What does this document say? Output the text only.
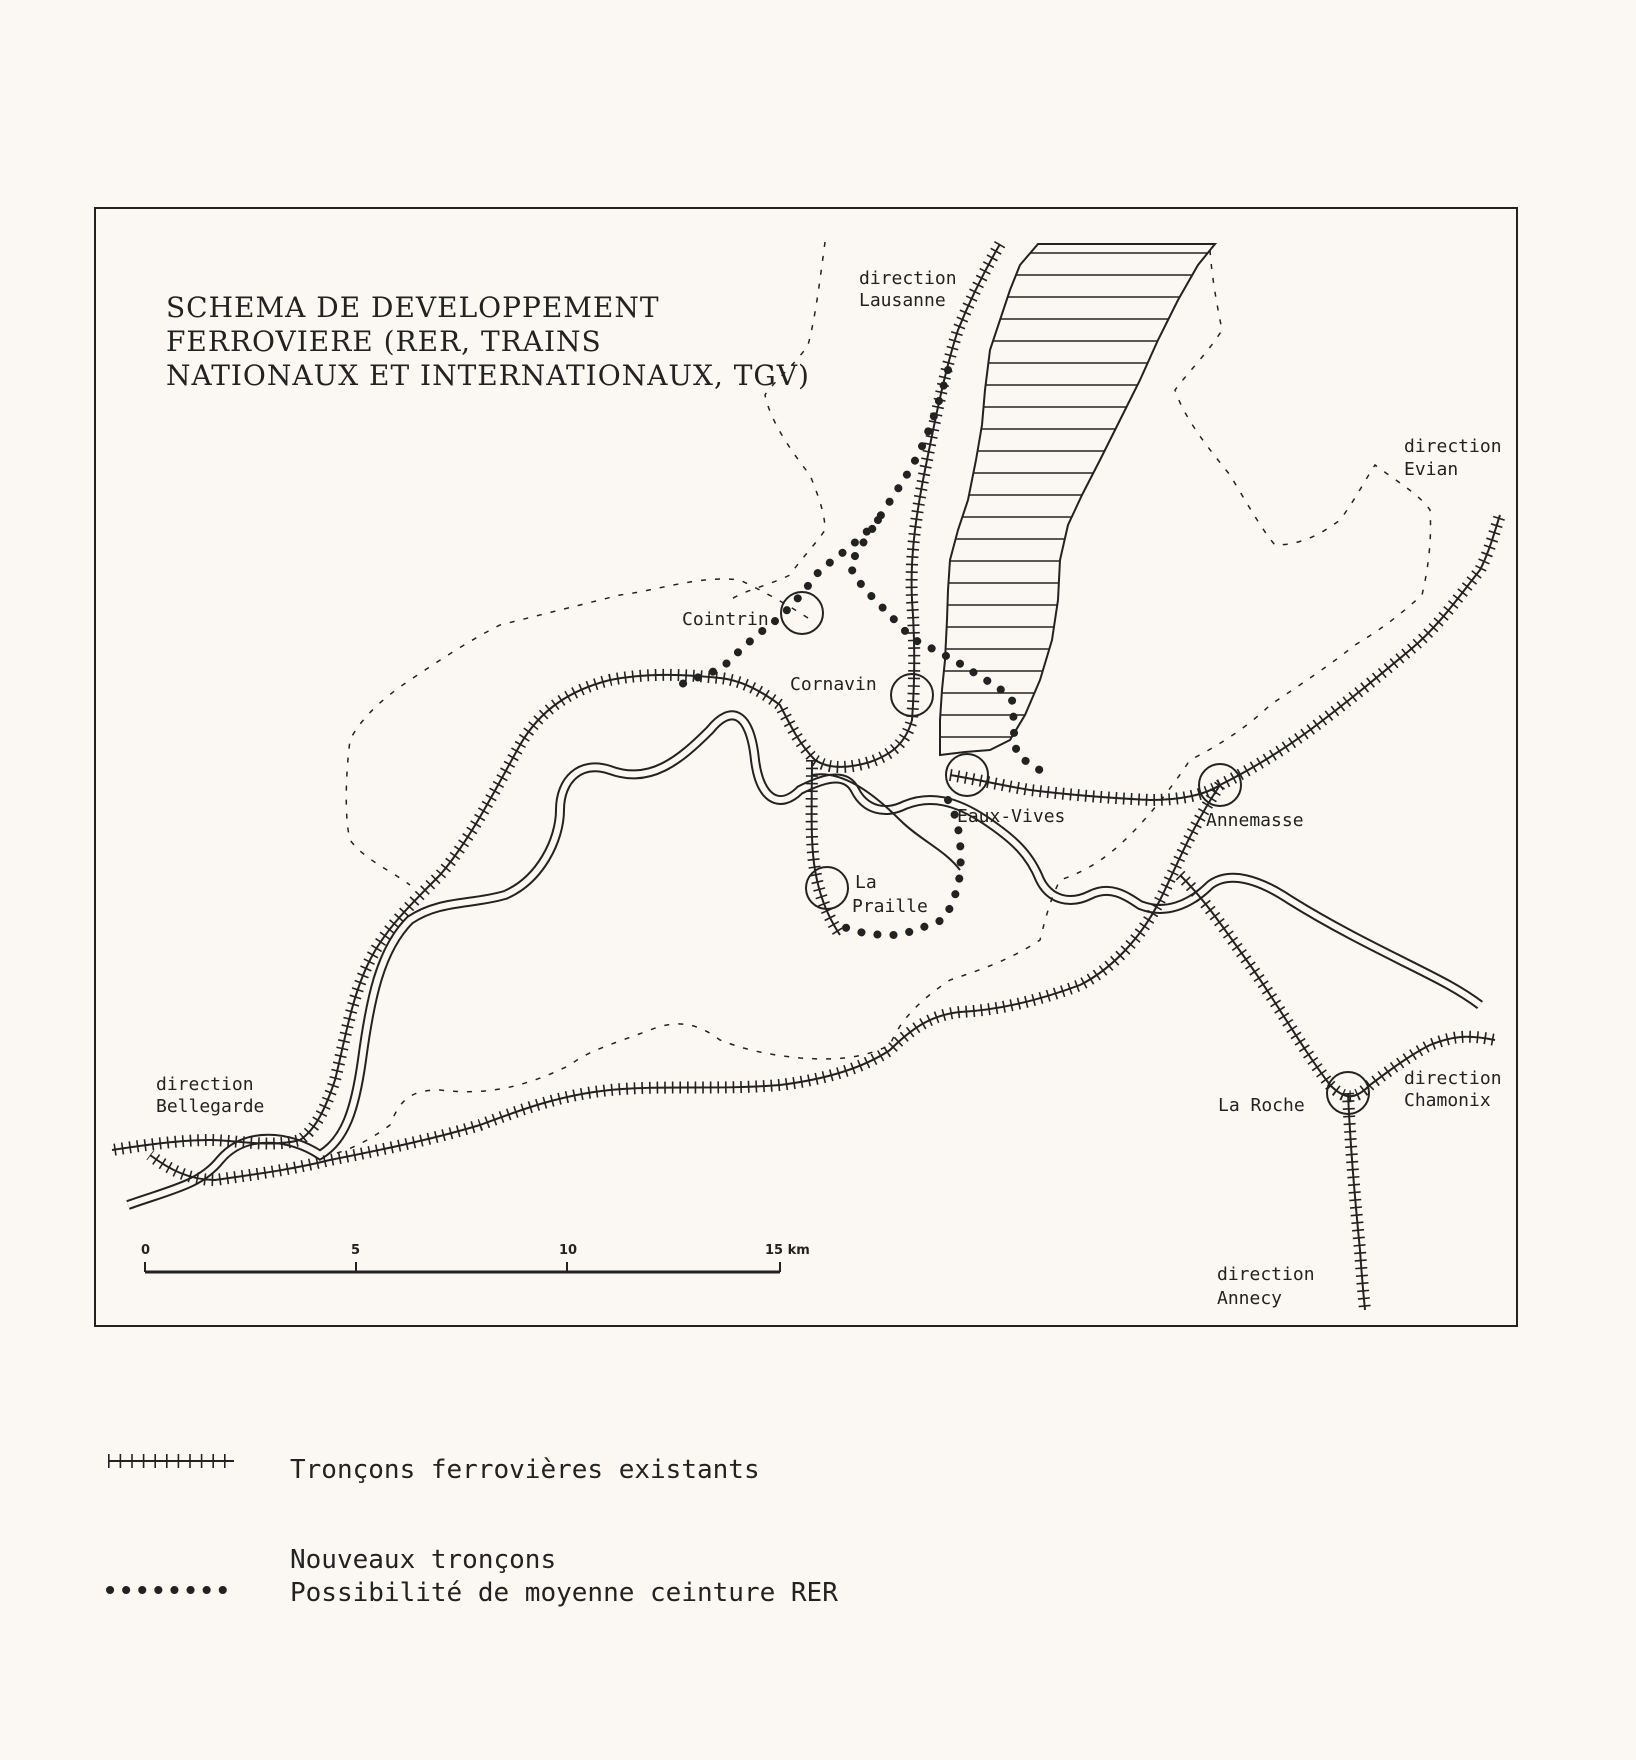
SCHEMA DE DEVELOPPEMENT
FERROVIERE (RER, TRAINS
NATIONAUX ET INTERNATIONAUX, TGV)
Cointrin
Cornavin
Eaux-Vives	Annemasse
La
Praille
La Roche
direction
Lausanne
direction
Evian
direction
Bellegarde
direction
Chamonix
direction
Annecy
0	5	10	15 km
Tronçons ferrovières existants
Nouveaux tronçons
Possibilité de moyenne ceinture RER
